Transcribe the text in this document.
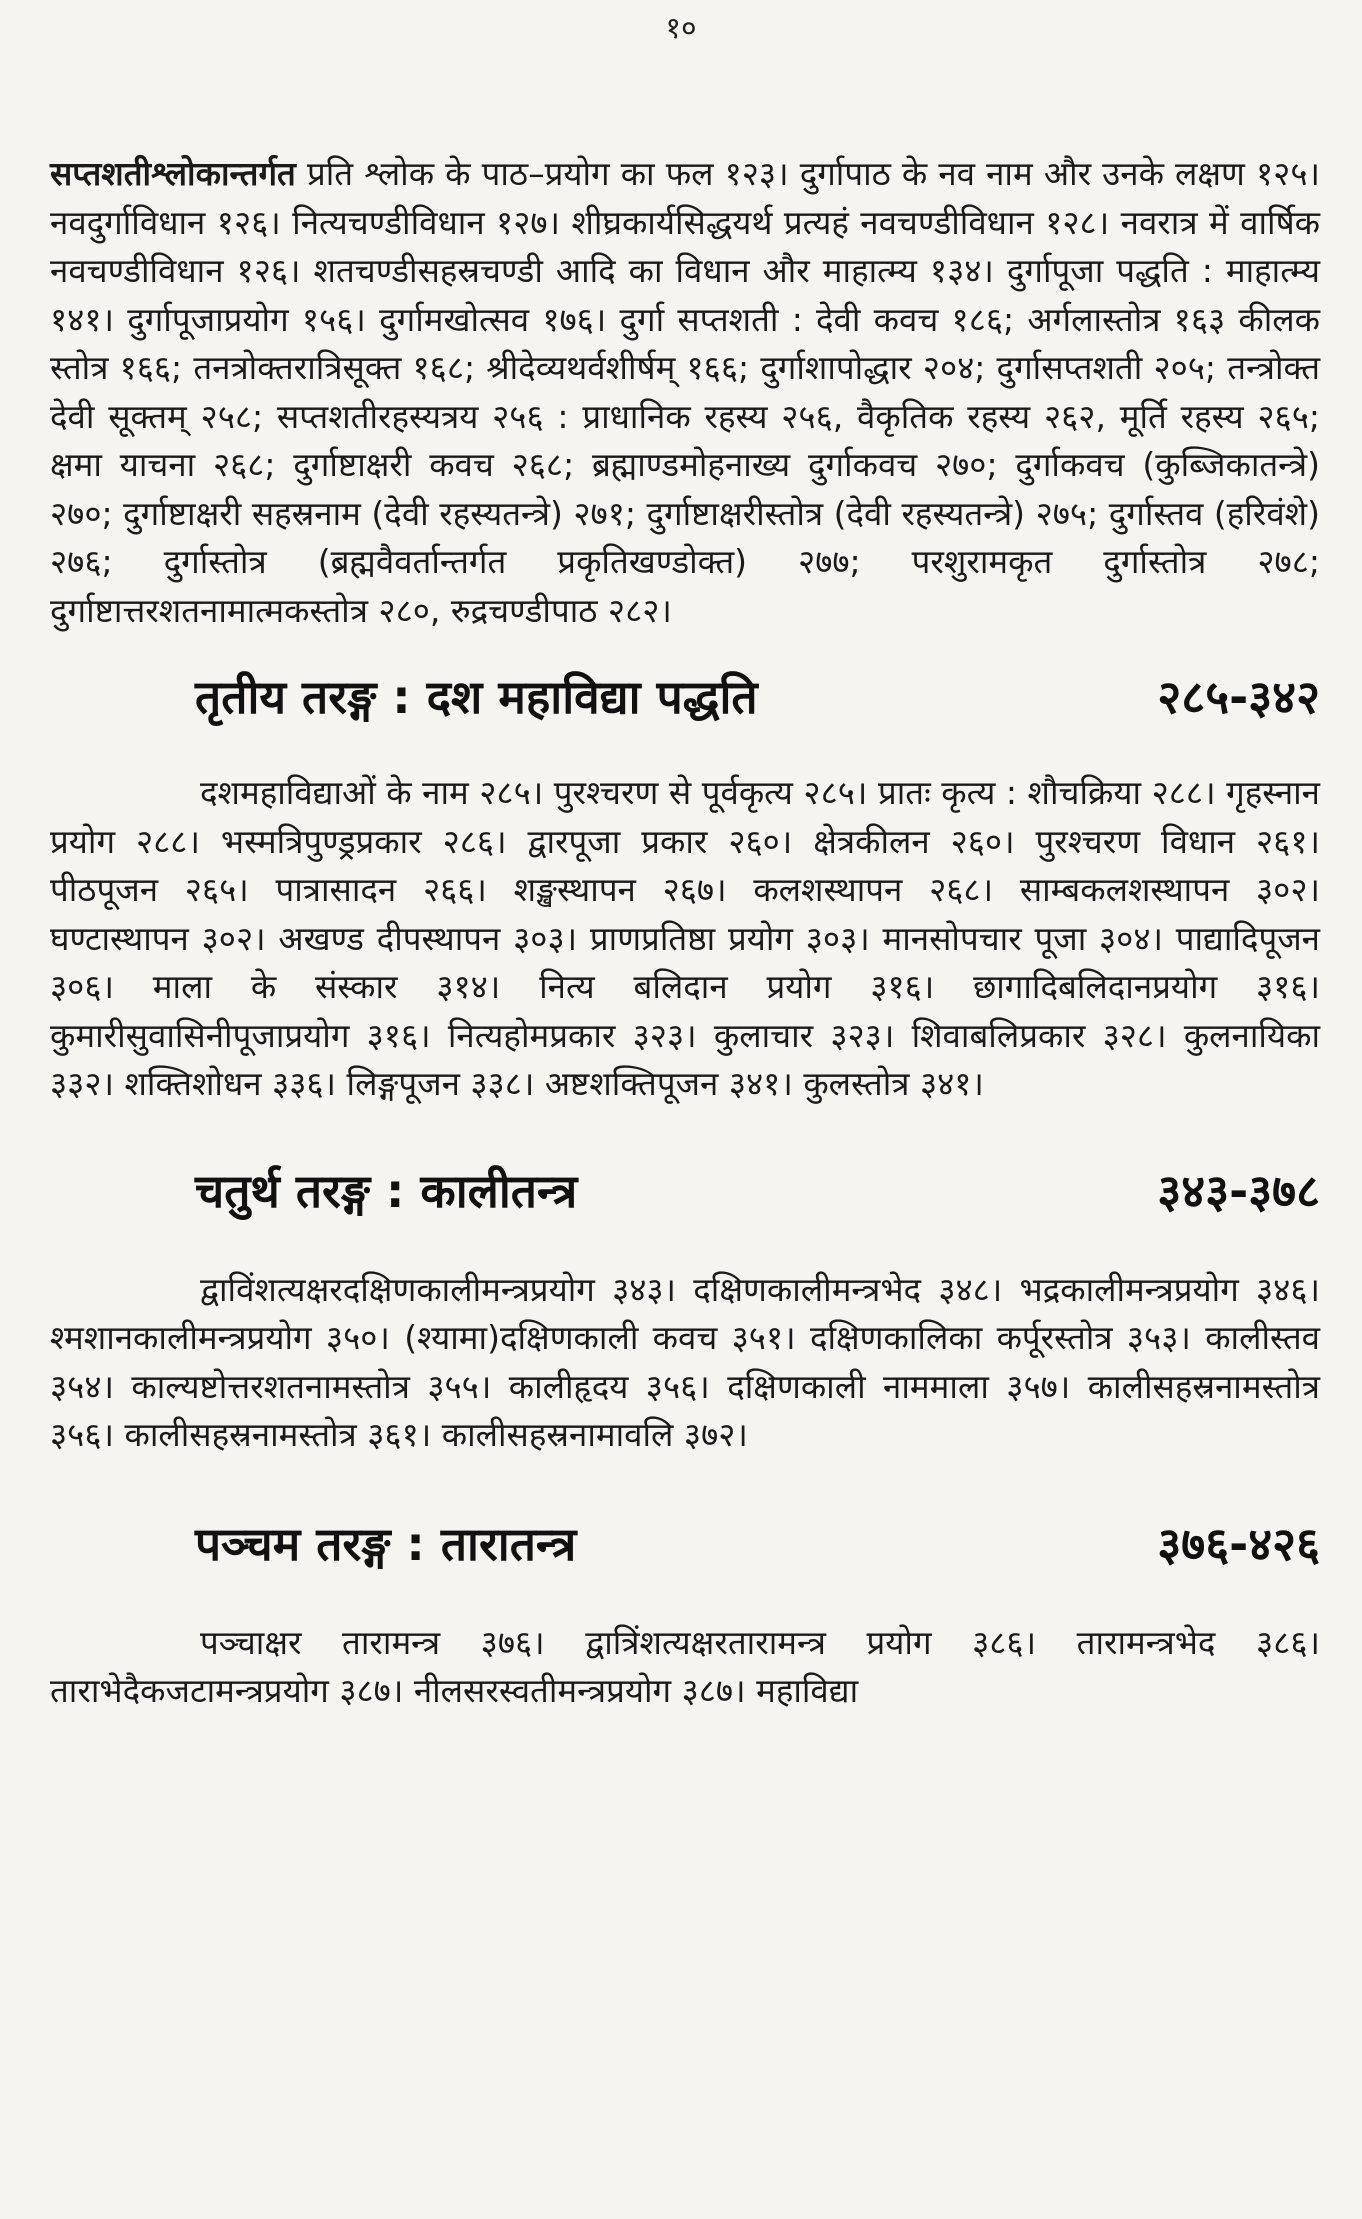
१०

सप्तशतीश्लोकान्तर्गत प्रति श्लोक के पाठ–प्रयोग का फल १२३। दुर्गापाठ के नव नाम और उनके लक्षण १२५। नवदुर्गाविधान १२६। नित्यचण्डीविधान १२७। शीघ्रकार्यसिद्धयर्थ प्रत्यहं नवचण्डीविधान १२८। नवरात्र में वार्षिक नवचण्डीविधान १२६। शतचण्डीसहस्रचण्डी आदि का विधान और माहात्म्य १३४। दुर्गापूजा पद्धति : माहात्म्य १४१। दुर्गापूजाप्रयोग १५६। दुर्गामखोत्सव १७६। दुर्गा सप्तशती : देवी कवच १८६; अर्गलास्तोत्र १६३ कीलक स्तोत्र १६६; तनत्रोक्तरात्रिसूक्त १६८; श्रीदेव्यथर्वशीर्षम् १६६; दुर्गाशापोद्धार २०४; दुर्गासप्तशती २०५; तन्त्रोक्त देवी सूक्तम् २५८; सप्तशतीरहस्यत्रय २५६ : प्राधानिक रहस्य २५६, वैकृतिक रहस्य २६२, मूर्ति रहस्य २६५; क्षमा याचना २६८; दुर्गाष्टाक्षरी कवच २६८; ब्रह्माण्डमोहनाख्य दुर्गाकवच २७०; दुर्गाकवच (कुब्जिकातन्त्रे) २७०; दुर्गाष्टाक्षरी सहस्रनाम (देवी रहस्यतन्त्रे) २७१; दुर्गाष्टाक्षरीस्तोत्र (देवी रहस्यतन्त्रे) २७५; दुर्गास्तव (हरिवंशे) २७६; दुर्गास्तोत्र (ब्रह्मवैवर्तान्तर्गत प्रकृतिखण्डोक्त) २७७; परशुरामकृत दुर्गास्तोत्र २७८; दुर्गाष्टात्तरशतनामात्मकस्तोत्र २८०, रुद्रचण्डीपाठ २८२।

तृतीय तरङ्ग : दश महाविद्या पद्धति	२८५-३४२

दशमहाविद्याओं के नाम २८५। पुरश्चरण से पूर्वकृत्य २८५। प्रातः कृत्य : शौचक्रिया २८८। गृहस्नान प्रयोग २८८। भस्मत्रिपुण्ड्रप्रकार २८६। द्वारपूजा प्रकार २६०। क्षेत्रकीलन २६०। पुरश्चरण विधान २६१। पीठपूजन २६५। पात्रासादन २६६। शङ्खस्थापन २६७। कलशस्थापन २६८। साम्बकलशस्थापन ३०२। घण्टास्थापन ३०२। अखण्ड दीपस्थापन ३०३। प्राणप्रतिष्ठा प्रयोग ३०३। मानसोपचार पूजा ३०४। पाद्यादिपूजन ३०६। माला के संस्कार ३१४। नित्य बलिदान प्रयोग ३१६। छागादिबलिदानप्रयोग ३१६। कुमारीसुवासिनीपूजाप्रयोग ३१६। नित्यहोमप्रकार ३२३। कुलाचार ३२३। शिवाबलिप्रकार ३२८। कुलनायिका ३३२। शक्तिशोधन ३३६। लिङ्गपूजन ३३८। अष्टशक्तिपूजन ३४१। कुलस्तोत्र ३४१।

चतुर्थ तरङ्ग : कालीतन्त्र	३४३-३७८

द्वाविंशत्यक्षरदक्षिणकालीमन्त्रप्रयोग ३४३। दक्षिणकालीमन्त्रभेद ३४८। भद्रकालीमन्त्रप्रयोग ३४६। श्मशानकालीमन्त्रप्रयोग ३५०। (श्यामा)दक्षिणकाली कवच ३५१। दक्षिणकालिका कर्पूरस्तोत्र ३५३। कालीस्तव ३५४। काल्यष्टोत्तरशतनामस्तोत्र ३५५। कालीहृदय ३५६। दक्षिणकाली नाममाला ३५७। कालीसहस्रनामस्तोत्र ३५६। कालीसहस्रनामस्तोत्र ३६१। कालीसहस्रनामावलि ३७२।

पञ्चम तरङ्ग : तारातन्त्र	३७६-४२६

पञ्चाक्षर तारामन्त्र ३७६। द्वात्रिंशत्यक्षरतारामन्त्र प्रयोग ३८६। तारामन्त्रभेद ३८६। ताराभेदैकजटामन्त्रप्रयोग ३८७। नीलसरस्वतीमन्त्रप्रयोग ३८७। महाविद्या
